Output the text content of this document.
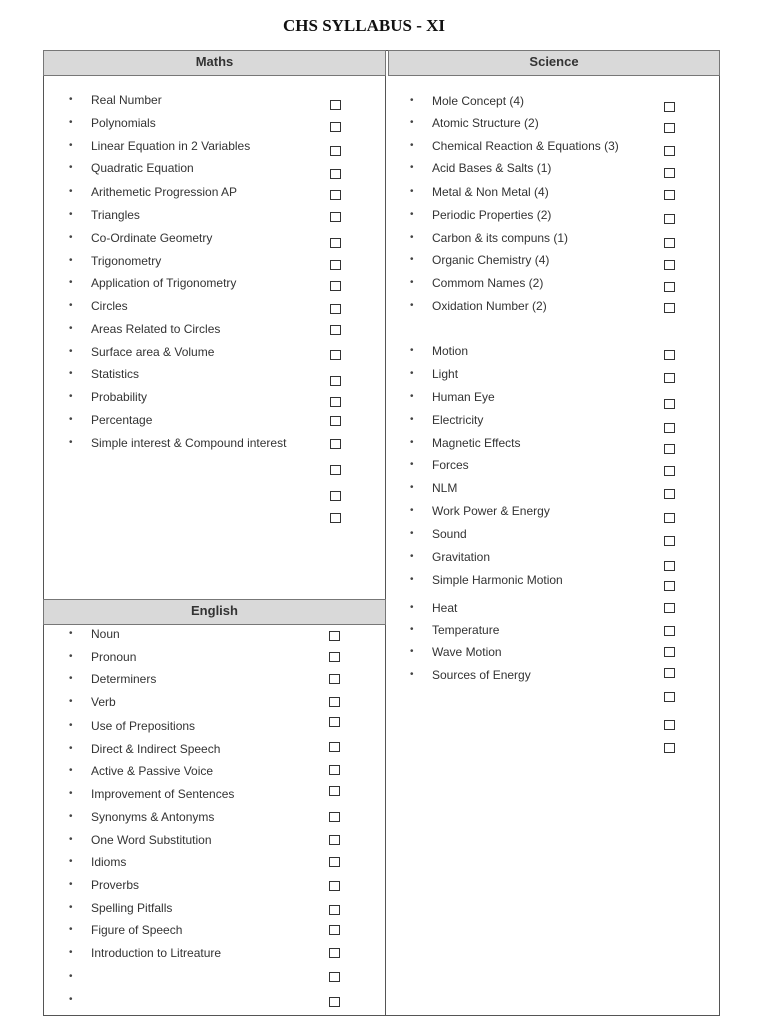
CHS SYLLABUS - XI
Maths	Science
English
• Real Number
• Polynomials
• Linear Equation in 2 Variables
• Quadratic Equation
• Arithemetic Progression AP
• Triangles
• Co-Ordinate Geometry
• Trigonometry
• Application of Trigonometry
• Circles
• Areas Related to Circles
• Surface area & Volume
• Statistics
• Probability
• Percentage
• Simple interest & Compound interest
• Noun
• Pronoun
• Determiners
• Verb
• Use of Prepositions
• Direct & Indirect Speech
• Active & Passive Voice
• Improvement of Sentences
• Synonyms & Antonyms
• One Word Substitution
• Idioms
• Proverbs
• Spelling Pitfalls
• Figure of Speech
• Introduction to Litreature
•
•
• Mole Concept (4)
• Atomic Structure (2)
• Chemical Reaction & Equations (3)
• Acid Bases & Salts (1)
• Metal & Non Metal (4)
• Periodic Properties (2)
• Carbon & its compuns (1)
• Organic Chemistry (4)
• Commom Names (2)
• Oxidation Number (2)
• Motion
• Light
• Human Eye
• Electricity
• Magnetic Effects
• Forces
• NLM
• Work Power & Energy
• Sound
• Gravitation
• Simple Harmonic Motion
• Heat
• Temperature
• Wave Motion
• Sources of Energy
